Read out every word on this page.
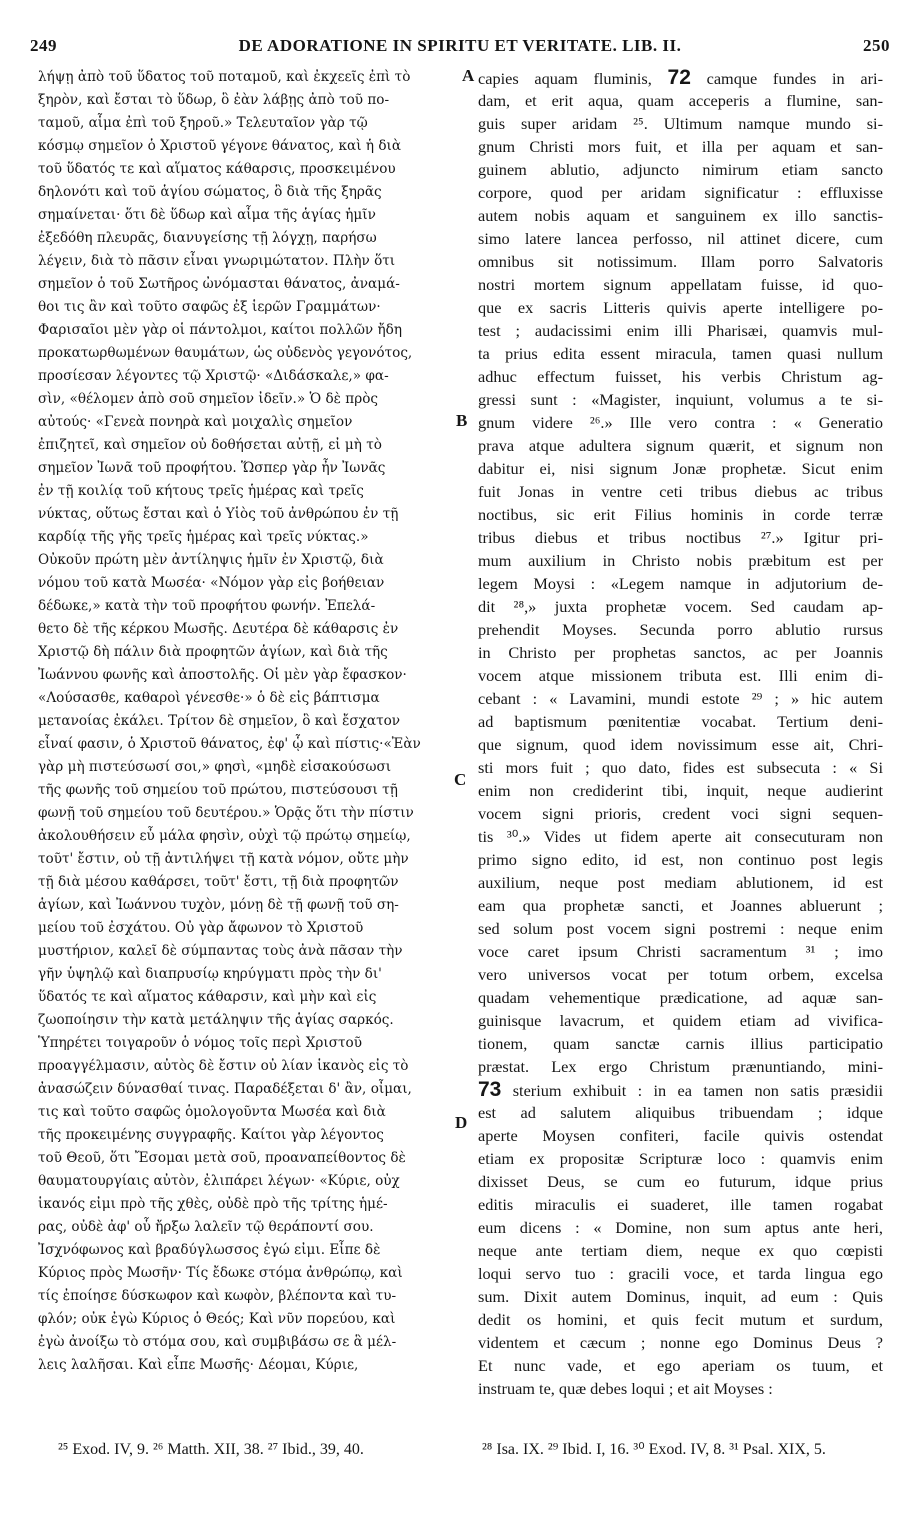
249	DE ADORATIONE IN SPIRITU ET VERITATE. LIB. II.	250
λήψῃ ἀπὸ τοῦ ὕδατος τοῦ ποταμοῦ, καὶ ἐκχεεῖς ἐπὶ τὸ
ξηρὸν, καὶ ἔσται τὸ ὕδωρ, ὃ ἐὰν λάβῃς ἀπὸ τοῦ πο-
ταμοῦ, αἷμα ἐπὶ τοῦ ξηροῦ.» Τελευταῖον γὰρ τῷ
κόσμῳ σημεῖον ὁ Χριστοῦ γέγονε θάνατος, καὶ ἡ διὰ
τοῦ ὕδατός τε καὶ αἵματος κάθαρσις, προσκειμένου
δηλονότι καὶ τοῦ ἁγίου σώματος, ὃ διὰ τῆς ξηρᾶς
σημαίνεται· ὅτι δὲ ὕδωρ καὶ αἷμα τῆς ἁγίας ἡμῖν
ἐξεδόθη πλευρᾶς, διανυγείσης τῇ λόγχῃ, παρήσω
λέγειν, διὰ τὸ πᾶσιν εἶναι γνωριμώτατον. Πλὴν ὅτι
σημεῖον ὁ τοῦ Σωτῆρος ὠνόμασται θάνατος, ἀναμά-
θοι τις ἂν καὶ τοῦτο σαφῶς ἐξ ἱερῶν Γραμμάτων·
Φαρισαῖοι μὲν γὰρ οἱ πάντολμοι, καίτοι πολλῶν ἤδη
προκατωρθωμένων θαυμάτων, ὡς οὐδενὸς γεγονότος,
προσίεσαν λέγοντες τῷ Χριστῷ· «Διδάσκαλε,» φα-
σὶν, «θέλομεν ἀπὸ σοῦ σημεῖον ἰδεῖν.» Ὁ δὲ πρὸς
αὐτούς· «Γενεὰ πονηρὰ καὶ μοιχαλὶς σημεῖον
ἐπιζητεῖ, καὶ σημεῖον οὐ δοθήσεται αὐτῇ, εἰ μὴ τὸ
σημεῖον Ἰωνᾶ τοῦ προφήτου. Ὥσπερ γὰρ ἦν Ἰωνᾶς
ἐν τῇ κοιλίᾳ τοῦ κήτους τρεῖς ἡμέρας καὶ τρεῖς
νύκτας, οὕτως ἔσται καὶ ὁ Υἱὸς τοῦ ἀνθρώπου ἐν τῇ
καρδίᾳ τῆς γῆς τρεῖς ἡμέρας καὶ τρεῖς νύκτας.»
Οὐκοῦν πρώτη μὲν ἀντίληψις ἡμῖν ἐν Χριστῷ, διὰ
νόμου τοῦ κατὰ Μωσέα· «Νόμον γὰρ εἰς βοήθειαν
δέδωκε,» κατὰ τὴν τοῦ προφήτου φωνήν. Ἐπελά-
θετο δὲ τῆς κέρκου Μωσῆς. Δευτέρα δὲ κάθαρσις ἐν
Χριστῷ δὴ πάλιν διὰ προφητῶν ἁγίων, καὶ διὰ τῆς
Ἰωάννου φωνῆς καὶ ἀποστολῆς. Οἱ μὲν γὰρ ἔφασκον·
«Λούσασθε, καθαροὶ γένεσθε·» ὁ δὲ εἰς βάπτισμα
μετανοίας ἐκάλει. Τρίτον δὲ σημεῖον, ὃ καὶ ἔσχατον
εἶναί φασιν, ὁ Χριστοῦ θάνατος, ἐφ' ᾧ καὶ πίστις·«Ἐὰν
γὰρ μὴ πιστεύσωσί σοι,» φησὶ, «μηδὲ εἰσακούσωσι
τῆς φωνῆς τοῦ σημείου τοῦ πρώτου, πιστεύσουσι τῇ
φωνῇ τοῦ σημείου τοῦ δευτέρου.» Ὁρᾷς ὅτι τὴν πίστιν
ἀκολουθήσειν εὖ μάλα φησὶν, οὐχὶ τῷ πρώτῳ σημείῳ,
τοῦτ' ἔστιν, οὐ τῇ ἀντιλήψει τῇ κατὰ νόμον, οὔτε μὴν
τῇ διὰ μέσου καθάρσει, τοῦτ' ἔστι, τῇ διὰ προφητῶν
ἁγίων, καὶ Ἰωάννου τυχὸν, μόνῃ δὲ τῇ φωνῇ τοῦ ση-
μείου τοῦ ἐσχάτου. Οὐ γὰρ ἄφωνον τὸ Χριστοῦ
μυστήριον, καλεῖ δὲ σύμπαντας τοὺς ἀνὰ πᾶσαν τὴν
γῆν ὑψηλῷ καὶ διαπρυσίῳ κηρύγματι πρὸς τὴν δι'
ὕδατός τε καὶ αἵματος κάθαρσιν, καὶ μὴν καὶ εἰς
ζωοποίησιν τὴν κατὰ μετάληψιν τῆς ἁγίας σαρκός.
Ὑπηρέτει τοιγαροῦν ὁ νόμος τοῖς περὶ Χριστοῦ
προαγγέλμασιν, αὐτὸς δὲ ἔστιν οὐ λίαν ἱκανὸς εἰς τὸ
ἀνασώζειν δύνασθαί τινας. Παραδέξεται δ' ἂν, οἶμαι,
τις καὶ τοῦτο σαφῶς ὁμολογοῦντα Μωσέα καὶ διὰ
τῆς προκειμένης συγγραφῆς. Καίτοι γὰρ λέγοντος
τοῦ Θεοῦ, ὅτι Ἔσομαι μετὰ σοῦ, προαναπείθοντος δὲ
θαυματουργίαις αὐτὸν, ἐλιπάρει λέγων· «Κύριε, οὐχ
ἱκανός εἰμι πρὸ τῆς χθὲς, οὐδὲ πρὸ τῆς τρίτης ἡμέ-
ρας, οὐδὲ ἀφ' οὗ ἤρξω λαλεῖν τῷ θεράποντί σου.
Ἰσχνόφωνος καὶ βραδύγλωσσος ἐγώ εἰμι. Εἶπε δὲ
Κύριος πρὸς Μωσῆν· Τίς ἔδωκε στόμα ἀνθρώπῳ, καὶ
τίς ἐποίησε δύσκωφον καὶ κωφὸν, βλέποντα καὶ τυ-
φλόν; οὐκ ἐγὼ Κύριος ὁ Θεός; Καὶ νῦν πορεύου, καὶ
ἐγὼ ἀνοίξω τὸ στόμα σου, καὶ συμβιβάσω σε ἃ μέλ-
λεις λαλῆσαι. Καὶ εἶπε Μωσῆς· Δέομαι, Κύριε,
capies aquam fluminis, 72 camque fundes in ari-
dam, et erit aqua, quam acceperis a flumine, san-
guis super aridam ²⁵. Ultimum namque mundo si-
gnum Christi mors fuit, et illa per aquam et san-
guinem ablutio, adjuncto nimirum etiam sancto
corpore, quod per aridam significatur : effluxisse
autem nobis aquam et sanguinem ex illo sanctis-
simo latere lancea perfosso, nil attinet dicere, cum
omnibus sit notissimum. Illam porro Salvatoris
nostri mortem signum appellatam fuisse, id quo-
que ex sacris Litteris quivis aperte intelligere po-
test ; audacissimi enim illi Pharisæi, quamvis mul-
ta prius edita essent miracula, tamen quasi nullum
adhuc effectum fuisset, his verbis Christum ag-
gressi sunt : «Magister, inquiunt, volumus a te si-
gnum videre ²⁶.» Ille vero contra : « Generatio
prava atque adultera signum quærit, et signum non
dabitur ei, nisi signum Jonæ prophetæ. Sicut enim
fuit Jonas in ventre ceti tribus diebus ac tribus
noctibus, sic erit Filius hominis in corde terræ
tribus diebus et tribus noctibus ²⁷.» Igitur pri-
mum auxilium in Christo nobis præbitum est per
legem Moysi : «Legem namque in adjutorium de-
dit ²⁸,» juxta prophetæ vocem. Sed caudam ap-
prehendit Moyses. Secunda porro ablutio rursus
in Christo per prophetas sanctos, ac per Joannis
vocem atque missionem tributa est. Illi enim di-
cebant : « Lavamini, mundi estote ²⁹ ; » hic autem
ad baptismum pœnitentiæ vocabat. Tertium deni-
que signum, quod idem novissimum esse ait, Chri-
sti mors fuit ; quo dato, fides est subsecuta : « Si
enim non crediderint tibi, inquit, neque audierint
vocem signi prioris, credent voci signi sequen-
tis ³⁰.» Vides ut fidem aperte ait consecuturam non
primo signo edito, id est, non continuo post legis
auxilium, neque post mediam ablutionem, id est
eam qua prophetæ sancti, et Joannes abluerunt ;
sed solum post vocem signi postremi : neque enim
voce caret ipsum Christi sacramentum ³¹ ; imo
vero universos vocat per totum orbem, excelsa
quadam vehementique prædicatione, ad aquæ san-
guinisque lavacrum, et quidem etiam ad vivifica-
tionem, quam sanctæ carnis illius participatio
præstat. Lex ergo Christum prænuntiando, mini-
73 sterium exhibuit : in ea tamen non satis præsidii
est ad salutem aliquibus tribuendam ; idque
aperte Moysen confiteri, facile quivis ostendat
etiam ex propositæ Scripturæ loco : quamvis enim
dixisset Deus, se cum eo futurum, idque prius
editis miraculis ei suaderet, ille tamen rogabat
eum dicens : « Domine, non sum aptus ante heri,
neque ante tertiam diem, neque ex quo cœpisti
loqui servo tuo : gracili voce, et tarda lingua ego
sum. Dixit autem Dominus, inquit, ad eum : Quis
dedit os homini, et quis fecit mutum et surdum,
videntem et cæcum ; nonne ego Dominus Deus ?
Et nunc vade, et ego aperiam os tuum, et
instruam te, quæ debes loqui ; et ait Moyses :
A
B
C
D
²⁵ Exod. IV, 9. ²⁶ Matth. XII, 38. ²⁷ Ibid., 39, 40.	²⁸ Isa. IX. ²⁹ Ibid. I, 16. ³⁰ Exod. IV, 8. ³¹ Psal. XIX, 5.
